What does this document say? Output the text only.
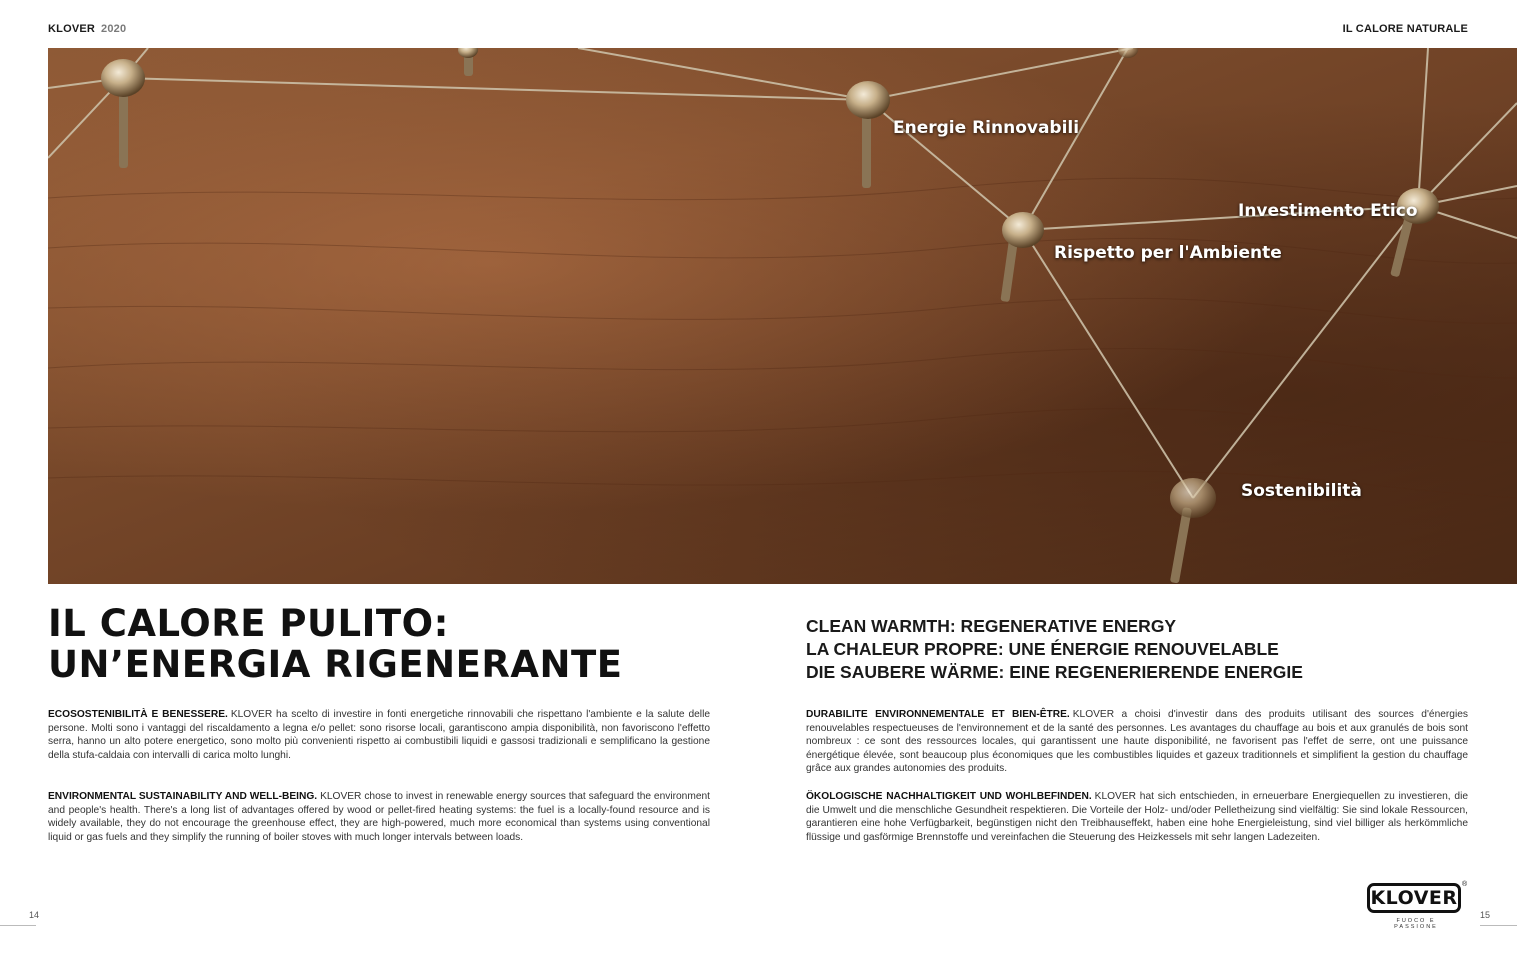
KLOVER 2020	IL CALORE NATURALE
Energie Rinnovabili
Investimento Etico
Rispetto per l'Ambiente
Sostenibilità
IL CALORE PULITO:
UN’ENERGIA RIGENERANTE
CLEAN WARMTH: REGENERATIVE ENERGY
LA CHALEUR PROPRE: UNE ÉNERGIE RENOUVELABLE
DIE SAUBERE WÄRME: EINE REGENERIERENDE ENERGIE

ECOSOSTENIBILITÀ E BENESSERE. KLOVER ha scelto di investire in fonti energetiche rinnovabili che rispettano l'ambiente e la salute delle persone. Molti sono i vantaggi del riscaldamento a legna e/o pellet: sono risorse locali, garantiscono ampia disponibilità, non favoriscono l'effetto serra, hanno un alto potere energetico, sono molto più convenienti rispetto ai combustibili liquidi e gassosi tradizionali e semplificano la gestione della stufa-caldaia con intervalli di carica molto lunghi.

ENVIRONMENTAL SUSTAINABILITY AND WELL-BEING. KLOVER chose to invest in renewable energy sources that safeguard the environment and people's health. There's a long list of advantages offered by wood or pellet-fired heating systems: the fuel is a locally-found resource and is widely available, they do not encourage the greenhouse effect, they are high-powered, much more economical than systems using conventional liquid or gas fuels and they simplify the running of boiler stoves with much longer intervals between loads.

DURABILITE ENVIRONNEMENTALE ET BIEN-ÊTRE. KLOVER a choisi d'investir dans des produits utilisant des sources d'énergies renouvelables respectueuses de l'environnement et de la santé des personnes. Les avantages du chauffage au bois et aux granulés de bois sont nombreux : ce sont des ressources locales, qui garantissent une haute disponibilité, ne favorisent pas l'effet de serre, ont une puissance énergétique élevée, sont beaucoup plus économiques que les combustibles liquides et gazeux traditionnels et simplifient la gestion du chauffage grâce aux grandes autonomies des produits.

ÖKOLOGISCHE NACHHALTIGKEIT UND WOHLBEFINDEN. KLOVER hat sich entschieden, in erneuerbare Energiequellen zu investieren, die die Umwelt und die menschliche Gesundheit respektieren. Die Vorteile der Holz- und/oder Pelletheizung sind vielfältig: Sie sind lokale Ressourcen, garantieren eine hohe Verfügbarkeit, begünstigen nicht den Treibhauseffekt, haben eine hohe Energieleistung, sind viel billiger als herkömmliche flüssige und gasförmige Brennstoffe und vereinfachen die Steuerung des Heizkessels mit sehr langen Ladezeiten.

14	15
KLOVER
®
FUOCO E PASSIONE
